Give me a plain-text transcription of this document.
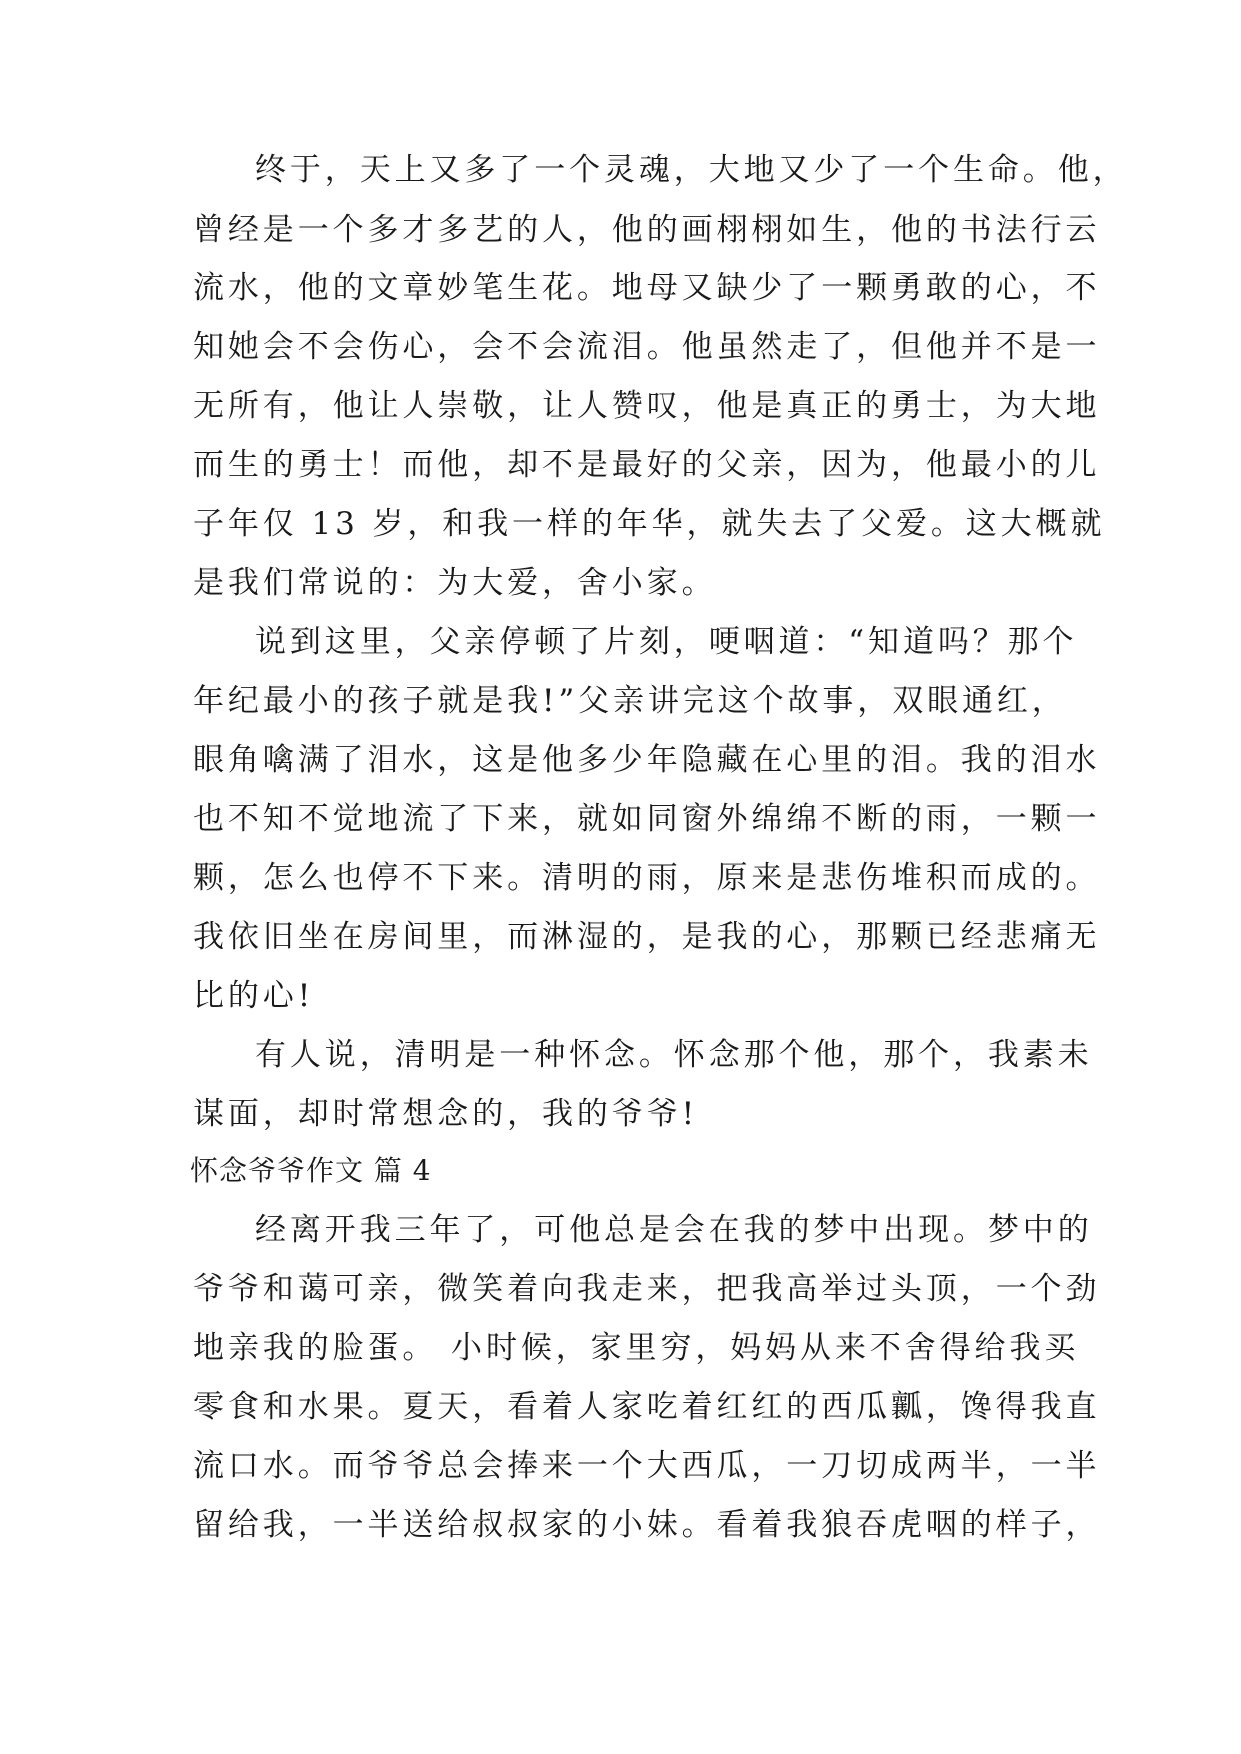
终于，天上又多了一个灵魂，大地又少了一个生命。他，
曾经是一个多才多艺的人，他的画栩栩如生，他的书法行云
流水，他的文章妙笔生花。地母又缺少了一颗勇敢的心，不
知她会不会伤心，会不会流泪。他虽然走了，但他并不是一
无所有，他让人崇敬，让人赞叹，他是真正的勇士，为大地
而生的勇士！而他，却不是最好的父亲，因为，他最小的儿
子年仅 13 岁，和我一样的年华，就失去了父爱。这大概就
是我们常说的：为大爱，舍小家。
说到这里，父亲停顿了片刻，哽咽道：“知道吗？那个
年纪最小的孩子就是我!”父亲讲完这个故事，双眼通红，
眼角噙满了泪水，这是他多少年隐藏在心里的泪。我的泪水
也不知不觉地流了下来，就如同窗外绵绵不断的雨，一颗一
颗，怎么也停不下来。清明的雨，原来是悲伤堆积而成的。
我依旧坐在房间里，而淋湿的，是我的心，那颗已经悲痛无
比的心!
有人说，清明是一种怀念。怀念那个他，那个，我素未
谋面，却时常想念的，我的爷爷!
怀念爷爷作文 篇 4
经离开我三年了，可他总是会在我的梦中出现。梦中的
爷爷和蔼可亲，微笑着向我走来，把我高举过头顶，一个劲
地亲我的脸蛋。 小时候，家里穷，妈妈从来不舍得给我买
零食和水果。夏天，看着人家吃着红红的西瓜瓤，馋得我直
流口水。而爷爷总会捧来一个大西瓜，一刀切成两半，一半
留给我，一半送给叔叔家的小妹。看着我狼吞虎咽的样子，
